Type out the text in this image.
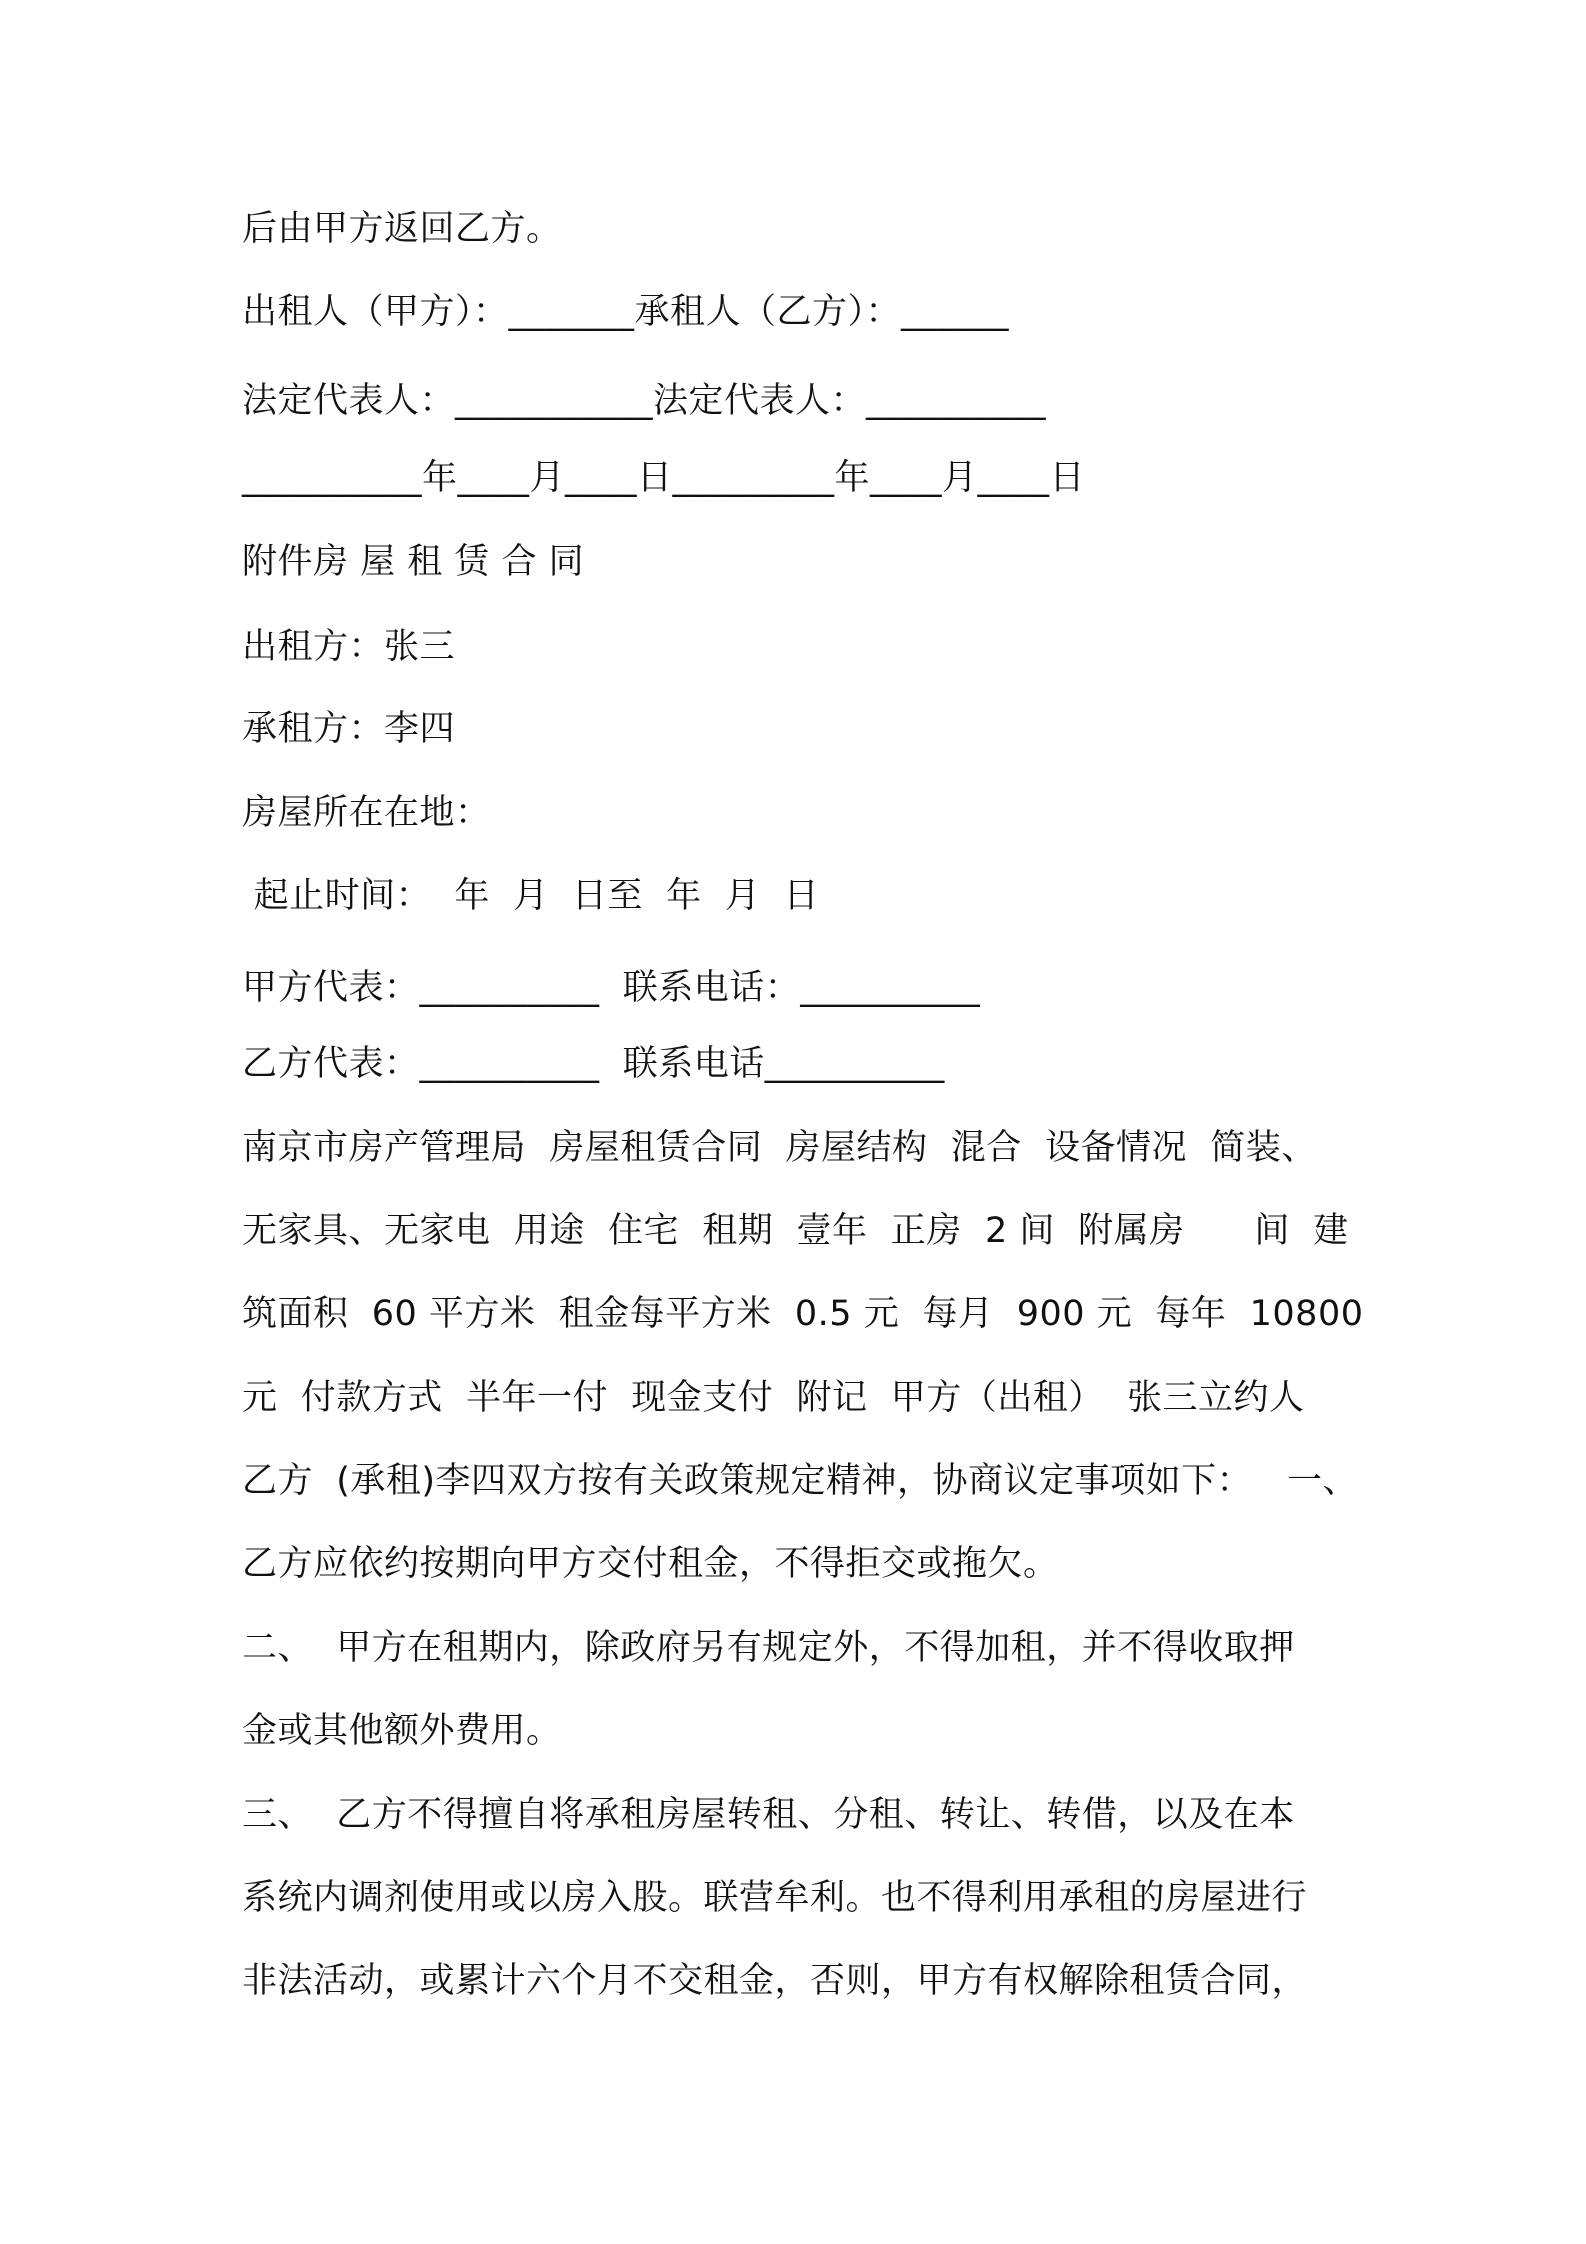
后由甲方返回乙方。
出租人（甲方）：_______承租人（乙方）：______
法定代表人：___________法定代表人：__________
__________年____月____日_________年____月____日
附件房 屋 租 赁 合 同
出租方：张三
承租方：李四
房屋所在在地：
起止时间：  年  月  日至  年  月  日
甲方代表：__________  联系电话：__________
乙方代表：__________  联系电话__________
南京市房产管理局  房屋租赁合同  房屋结构  混合  设备情况  简装、
无家具、无家电  用途  住宅  租期  壹年  正房  2 间  附属房      间  建
筑面积  60 平方米  租金每平方米  0.5 元  每月  900 元  每年  10800
元  付款方式  半年一付  现金支付  附记  甲方（出租）  张三立约人
乙方  (承租)李四双方按有关政策规定精神，协商议定事项如下：   一、
乙方应依约按期向甲方交付租金，不得拒交或拖欠。
二、  甲方在租期内，除政府另有规定外，不得加租，并不得收取押
金或其他额外费用。
三、  乙方不得擅自将承租房屋转租、分租、转让、转借，以及在本
系统内调剂使用或以房入股。联营牟利。也不得利用承租的房屋进行
非法活动，或累计六个月不交租金，否则，甲方有权解除租赁合同，
